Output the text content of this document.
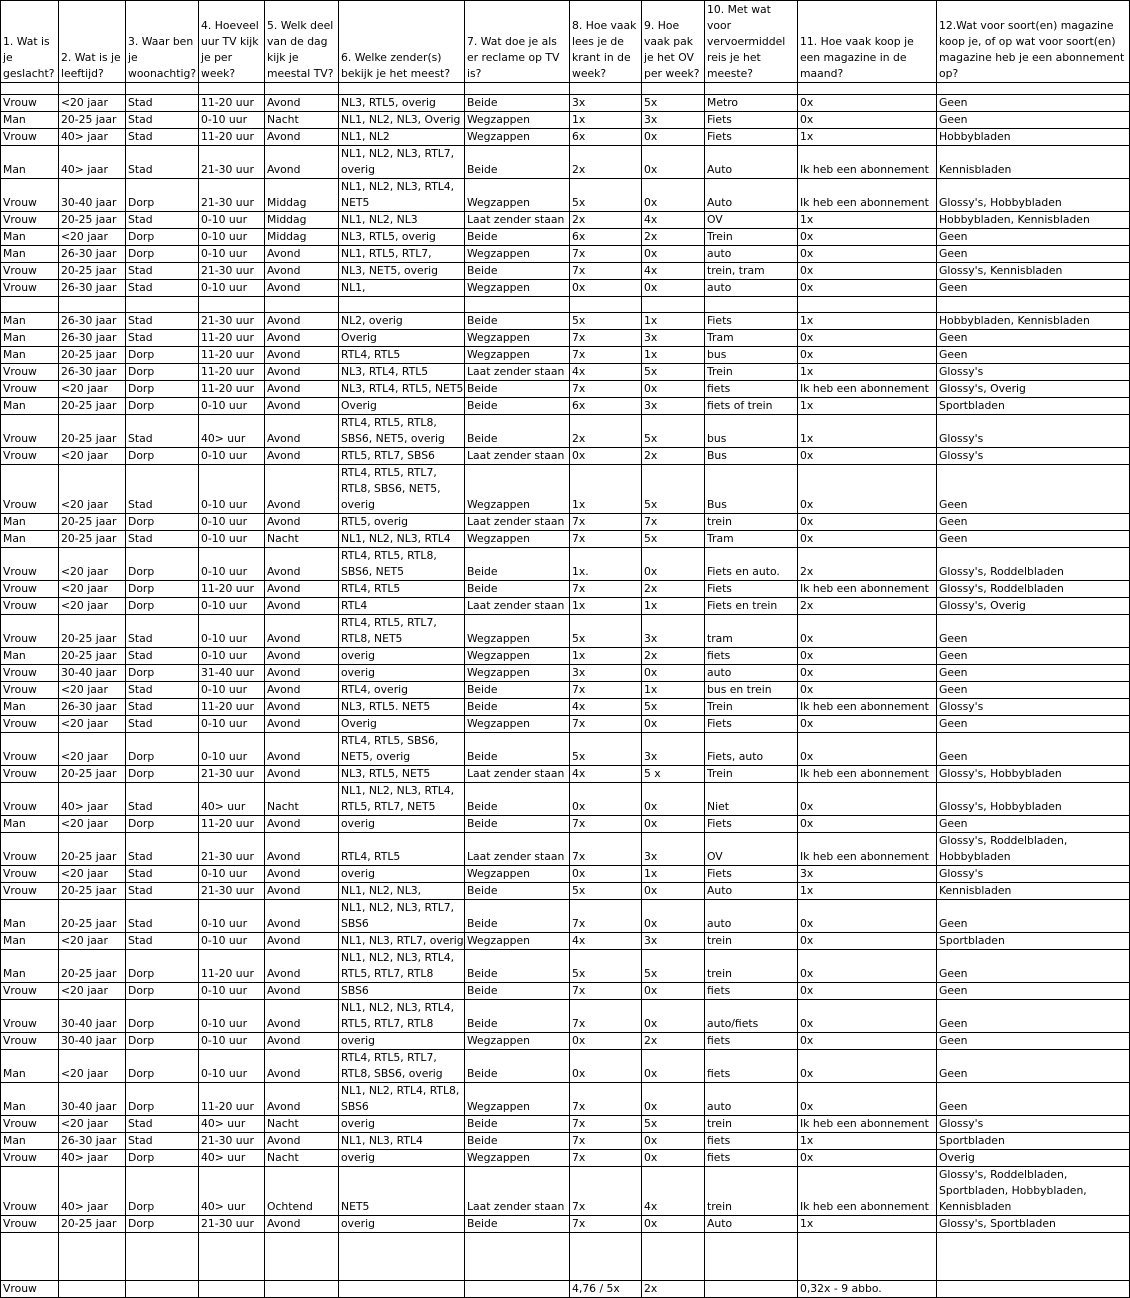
1. Wat is je geslacht?	2. Wat is je leeftijd?	3. Waar ben je woonachtig?	4. Hoeveel uur TV kijk je per week?	5. Welk deel van de dag kijk je meestal TV?	6. Welke zender(s) bekijk je het meest?	7. Wat doe je als er reclame op TV is?	8. Hoe vaak lees je de krant in de week?	9. Hoe vaak pak je het OV per week?	10. Met wat voor vervoermiddel reis je het meeste?	11. Hoe vaak koop je een magazine in de maand?	12.Wat voor soort(en) magazine koop je, of op wat voor soort(en) magazine heb je een abonnement op?

Vrouw	<20 jaar	Stad	11-20 uur	Avond	NL3, RTL5, overig	Beide	3x	5x	Metro	0x	Geen
Man	20-25 jaar	Stad	0-10 uur	Nacht	NL1, NL2, NL3, Overig	Wegzappen	1x	3x	Fiets	0x	Geen
Vrouw	40> jaar	Stad	11-20 uur	Avond	NL1, NL2	Wegzappen	6x	0x	Fiets	1x	Hobbybladen
Man	40> jaar	Stad	21-30 uur	Avond	NL1, NL2, NL3, RTL7, overig	Beide	2x	0x	Auto	Ik heb een abonnement	Kennisbladen
Vrouw	30-40 jaar	Dorp	21-30 uur	Middag	NL1, NL2, NL3, RTL4, NET5	Wegzappen	5x	0x	Auto	Ik heb een abonnement	Glossy's, Hobbybladen
Vrouw	20-25 jaar	Stad	0-10 uur	Middag	NL1, NL2, NL3	Laat zender staan	2x	4x	OV	1x	Hobbybladen, Kennisbladen
Man	<20 jaar	Dorp	0-10 uur	Middag	NL3, RTL5, overig	Beide	6x	2x	Trein	0x	Geen
Man	26-30 jaar	Dorp	0-10 uur	Avond	NL1, RTL5, RTL7,	Wegzappen	7x	0x	auto	0x	Geen
Vrouw	20-25 jaar	Stad	21-30 uur	Avond	NL3, NET5, overig	Beide	7x	4x	trein, tram	0x	Glossy's, Kennisbladen
Vrouw	26-30 jaar	Stad	0-10 uur	Avond	NL1,	Wegzappen	0x	0x	auto	0x	Geen

Man	26-30 jaar	Stad	21-30 uur	Avond	NL2, overig	Beide	5x	1x	Fiets	1x	Hobbybladen, Kennisbladen
Man	26-30 jaar	Stad	11-20 uur	Avond	Overig	Wegzappen	7x	3x	Tram	0x	Geen
Man	20-25 jaar	Dorp	11-20 uur	Avond	RTL4, RTL5	Wegzappen	7x	1x	bus	0x	Geen
Vrouw	26-30 jaar	Dorp	11-20 uur	Avond	NL3, RTL4, RTL5	Laat zender staan	4x	5x	Trein	1x	Glossy's
Vrouw	<20 jaar	Dorp	11-20 uur	Avond	NL3, RTL4, RTL5, NET5	Beide	7x	0x	fiets	Ik heb een abonnement	Glossy's, Overig
Man	20-25 jaar	Dorp	0-10 uur	Avond	Overig	Beide	6x	3x	fiets of trein	1x	Sportbladen
Vrouw	20-25 jaar	Stad	40> uur	Avond	RTL4, RTL5, RTL8, SBS6, NET5, overig	Beide	2x	5x	bus	1x	Glossy's
Vrouw	<20 jaar	Dorp	0-10 uur	Avond	RTL5, RTL7, SBS6	Laat zender staan	0x	2x	Bus	0x	Glossy's
Vrouw	<20 jaar	Stad	0-10 uur	Avond	RTL4, RTL5, RTL7, RTL8, SBS6, NET5, overig	Wegzappen	1x	5x	Bus	0x	Geen
Man	20-25 jaar	Dorp	0-10 uur	Avond	RTL5, overig	Laat zender staan	7x	7x	trein	0x	Geen
Man	20-25 jaar	Stad	0-10 uur	Nacht	NL1, NL2, NL3, RTL4	Wegzappen	7x	5x	Tram	0x	Geen
Vrouw	<20 jaar	Dorp	0-10 uur	Avond	RTL4, RTL5, RTL8, SBS6, NET5	Beide	1x.	0x	Fiets en auto.	2x	Glossy's, Roddelbladen
Vrouw	<20 jaar	Dorp	11-20 uur	Avond	RTL4, RTL5	Beide	7x	2x	Fiets	Ik heb een abonnement	Glossy's, Roddelbladen
Vrouw	<20 jaar	Dorp	0-10 uur	Avond	RTL4	Laat zender staan	1x	1x	Fiets en trein	2x	Glossy's, Overig
Vrouw	20-25 jaar	Stad	0-10 uur	Avond	RTL4, RTL5, RTL7, RTL8, NET5	Wegzappen	5x	3x	tram	0x	Geen
Man	20-25 jaar	Stad	0-10 uur	Avond	overig	Wegzappen	1x	2x	fiets	0x	Geen
Vrouw	30-40 jaar	Dorp	31-40 uur	Avond	overig	Wegzappen	3x	0x	auto	0x	Geen
Vrouw	<20 jaar	Stad	0-10 uur	Avond	RTL4, overig	Beide	7x	1x	bus en trein	0x	Geen
Man	26-30 jaar	Stad	11-20 uur	Avond	NL3, RTL5. NET5	Beide	4x	5x	Trein	Ik heb een abonnement	Glossy's
Vrouw	<20 jaar	Stad	0-10 uur	Avond	Overig	Wegzappen	7x	0x	Fiets	0x	Geen
Vrouw	<20 jaar	Dorp	0-10 uur	Avond	RTL4, RTL5, SBS6, NET5, overig	Beide	5x	3x	Fiets, auto	0x	Geen
Vrouw	20-25 jaar	Dorp	21-30 uur	Avond	NL3, RTL5, NET5	Laat zender staan	4x	5 x	Trein	Ik heb een abonnement	Glossy's, Hobbybladen
Vrouw	40> jaar	Stad	40> uur	Nacht	NL1, NL2, NL3, RTL4, RTL5, RTL7, NET5	Beide	0x	0x	Niet	0x	Glossy's, Hobbybladen
Man	<20 jaar	Dorp	11-20 uur	Avond	overig	Beide	7x	0x	Fiets	0x	Geen
Vrouw	20-25 jaar	Stad	21-30 uur	Avond	RTL4, RTL5	Laat zender staan	7x	3x	OV	Ik heb een abonnement	Glossy's, Roddelbladen, Hobbybladen
Vrouw	<20 jaar	Stad	0-10 uur	Avond	overig	Wegzappen	0x	1x	Fiets	3x	Glossy's
Vrouw	20-25 jaar	Stad	21-30 uur	Avond	NL1, NL2, NL3,	Beide	5x	0x	Auto	1x	Kennisbladen
Man	20-25 jaar	Stad	0-10 uur	Avond	NL1, NL2, NL3, RTL7, SBS6	Beide	7x	0x	auto	0x	Geen
Man	<20 jaar	Stad	0-10 uur	Avond	NL1, NL3, RTL7, overig	Wegzappen	4x	3x	trein	0x	Sportbladen
Man	20-25 jaar	Dorp	11-20 uur	Avond	NL1, NL2, NL3, RTL4, RTL5, RTL7, RTL8	Beide	5x	5x	trein	0x	Geen
Vrouw	<20 jaar	Dorp	0-10 uur	Avond	SBS6	Beide	7x	0x	fiets	0x	Geen
Vrouw	30-40 jaar	Dorp	0-10 uur	Avond	NL1, NL2, NL3, RTL4, RTL5, RTL7, RTL8	Beide	7x	0x	auto/fiets	0x	Geen
Vrouw	30-40 jaar	Dorp	0-10 uur	Avond	overig	Wegzappen	0x	2x	fiets	0x	Geen
Man	<20 jaar	Dorp	0-10 uur	Avond	RTL4, RTL5, RTL7, RTL8, SBS6, overig	Beide	0x	0x	fiets	0x	Geen
Man	30-40 jaar	Dorp	11-20 uur	Avond	NL1, NL2, RTL4, RTL8, SBS6	Wegzappen	7x	0x	auto	0x	Geen
Vrouw	<20 jaar	Stad	40> uur	Nacht	overig	Beide	7x	5x	trein	Ik heb een abonnement	Glossy's
Man	26-30 jaar	Stad	21-30 uur	Avond	NL1, NL3, RTL4	Beide	7x	0x	fiets	1x	Sportbladen
Vrouw	40> jaar	Dorp	40> uur	Nacht	overig	Wegzappen	7x	0x	fiets	0x	Overig
Vrouw	40> jaar	Dorp	40> uur	Ochtend	NET5	Laat zender staan	7x	4x	trein	Ik heb een abonnement	Glossy's, Roddelbladen, Sportbladen, Hobbybladen, Kennisbladen
Vrouw	20-25 jaar	Dorp	21-30 uur	Avond	overig	Beide	7x	0x	Auto	1x	Glossy's, Sportbladen

Vrouw							4,76 / 5x	2x		0,32x - 9 abbo.	
